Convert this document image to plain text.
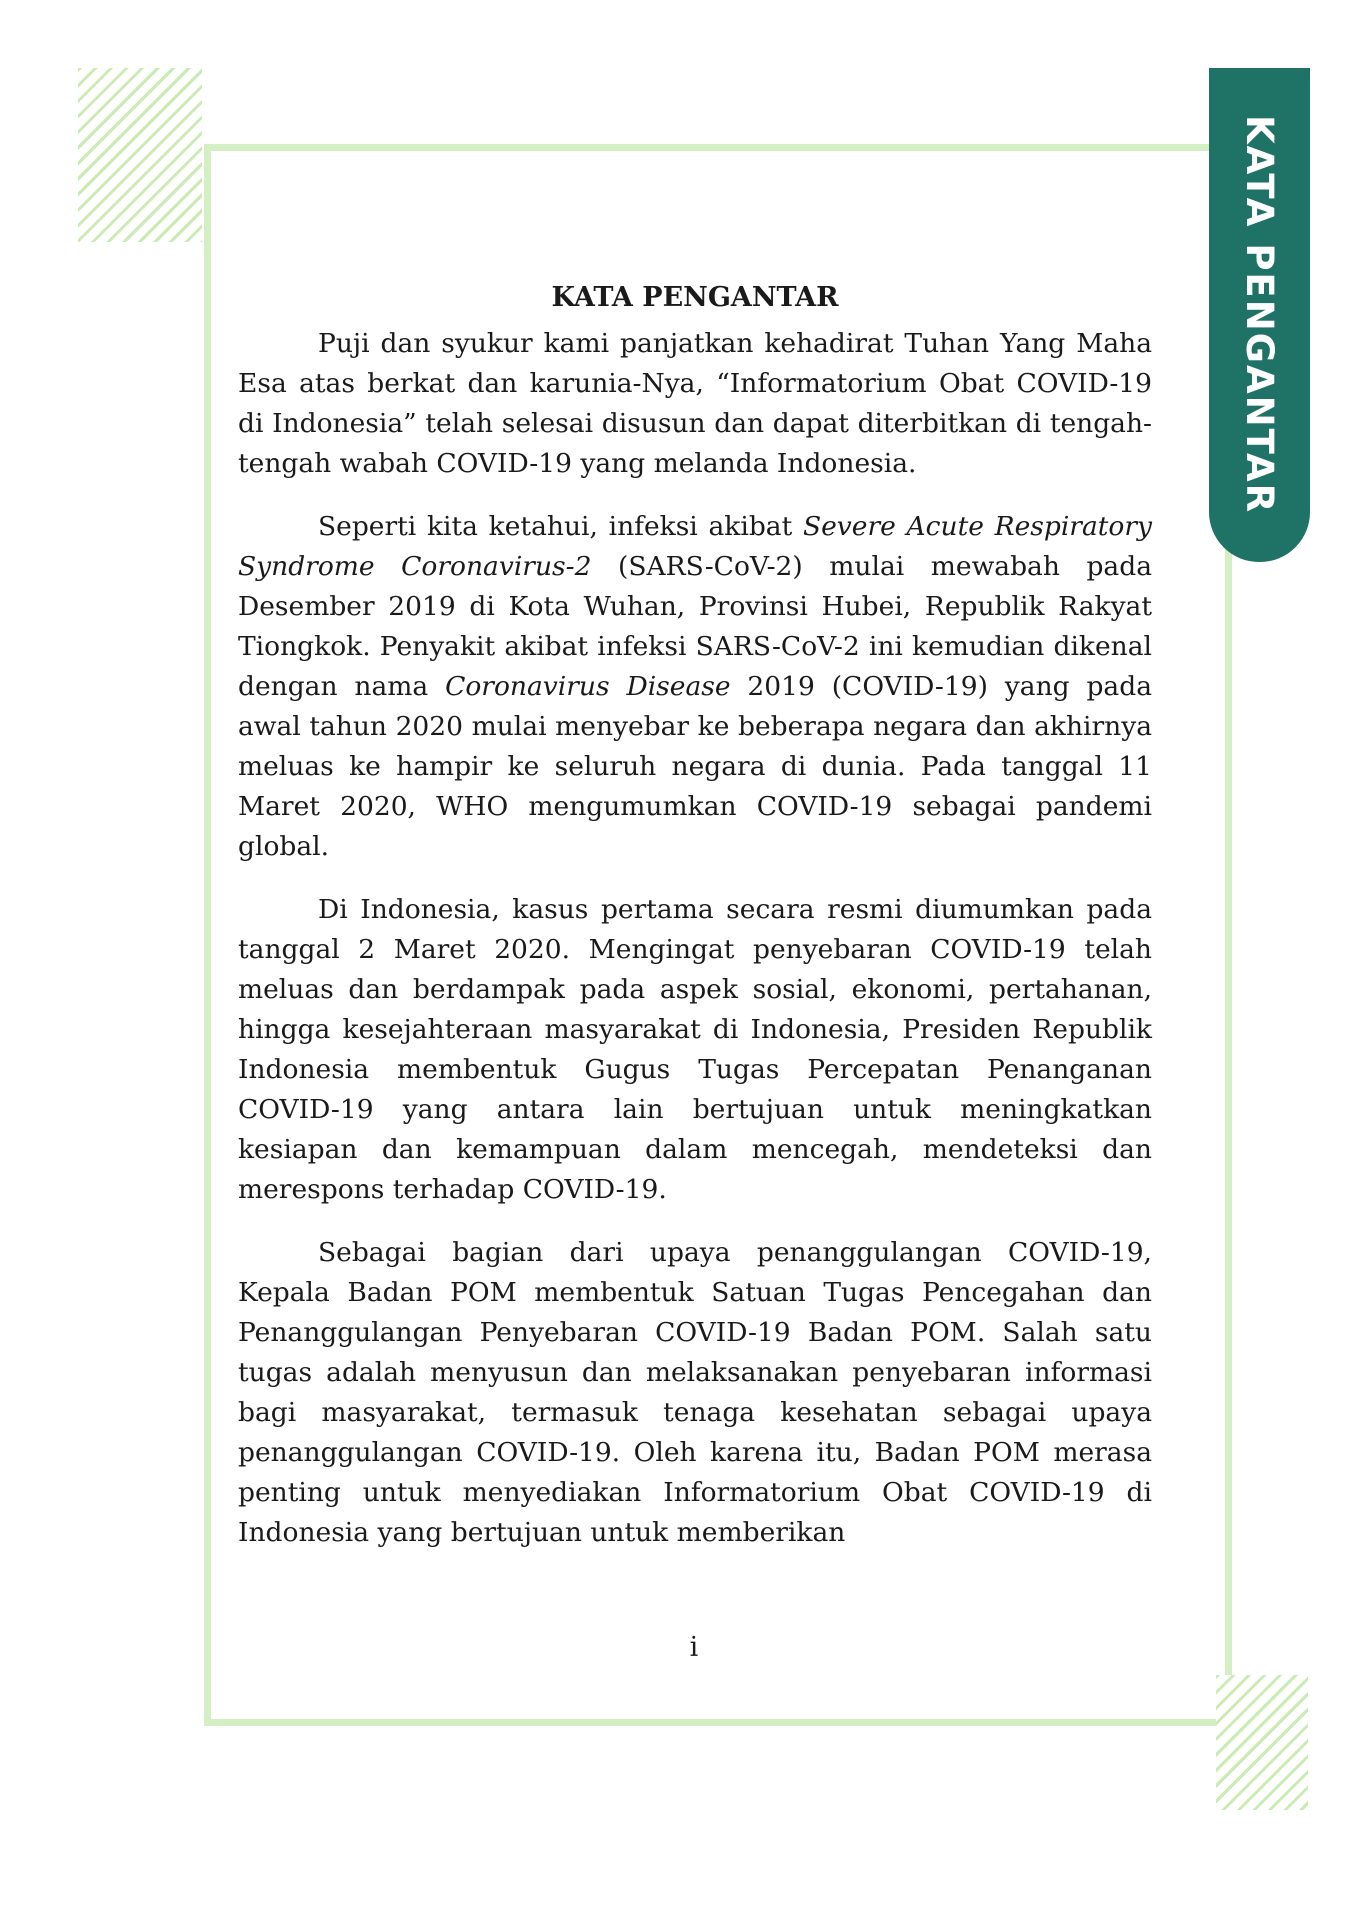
KATA PENGANTAR
KATA PENGANTAR

Puji dan syukur kami panjatkan kehadirat Tuhan Yang Maha Esa atas berkat dan karunia-Nya, “Informatorium Obat COVID-19 di Indonesia” telah selesai disusun dan dapat diterbitkan di tengah-tengah wabah COVID-19 yang melanda Indonesia.

Seperti kita ketahui, infeksi akibat Severe Acute Respiratory Syndrome Coronavirus-2 (SARS-CoV-2) mulai mewabah pada Desember 2019 di Kota Wuhan, Provinsi Hubei, Republik Rakyat Tiongkok. Penyakit akibat infeksi SARS-CoV-2 ini kemudian dikenal dengan nama Coronavirus Disease 2019 (COVID-19) yang pada awal tahun 2020 mulai menyebar ke beberapa negara dan akhirnya meluas ke hampir ke seluruh negara di dunia. Pada tanggal 11 Maret 2020, WHO mengumumkan COVID-19 sebagai pandemi global.

Di Indonesia, kasus pertama secara resmi diumumkan pada tanggal 2 Maret 2020. Mengingat penyebaran COVID-19 telah meluas dan berdampak pada aspek sosial, ekonomi, pertahanan, hingga kesejahteraan masyarakat di Indonesia, Presiden Republik Indonesia membentuk Gugus Tugas Percepatan Penanganan COVID-19 yang antara lain bertujuan untuk meningkatkan kesiapan dan kemampuan dalam mencegah, mendeteksi dan merespons terhadap COVID-19.

Sebagai bagian dari upaya penanggulangan COVID-19, Kepala Badan POM membentuk Satuan Tugas Pencegahan dan Penanggulangan Penyebaran COVID-19 Badan POM. Salah satu tugas adalah menyusun dan melaksanakan penyebaran informasi bagi masyarakat, termasuk tenaga kesehatan sebagai upaya penanggulangan COVID-19. Oleh karena itu, Badan POM merasa penting untuk menyediakan Informatorium Obat COVID-19 di Indonesia yang bertujuan untuk memberikan

i
